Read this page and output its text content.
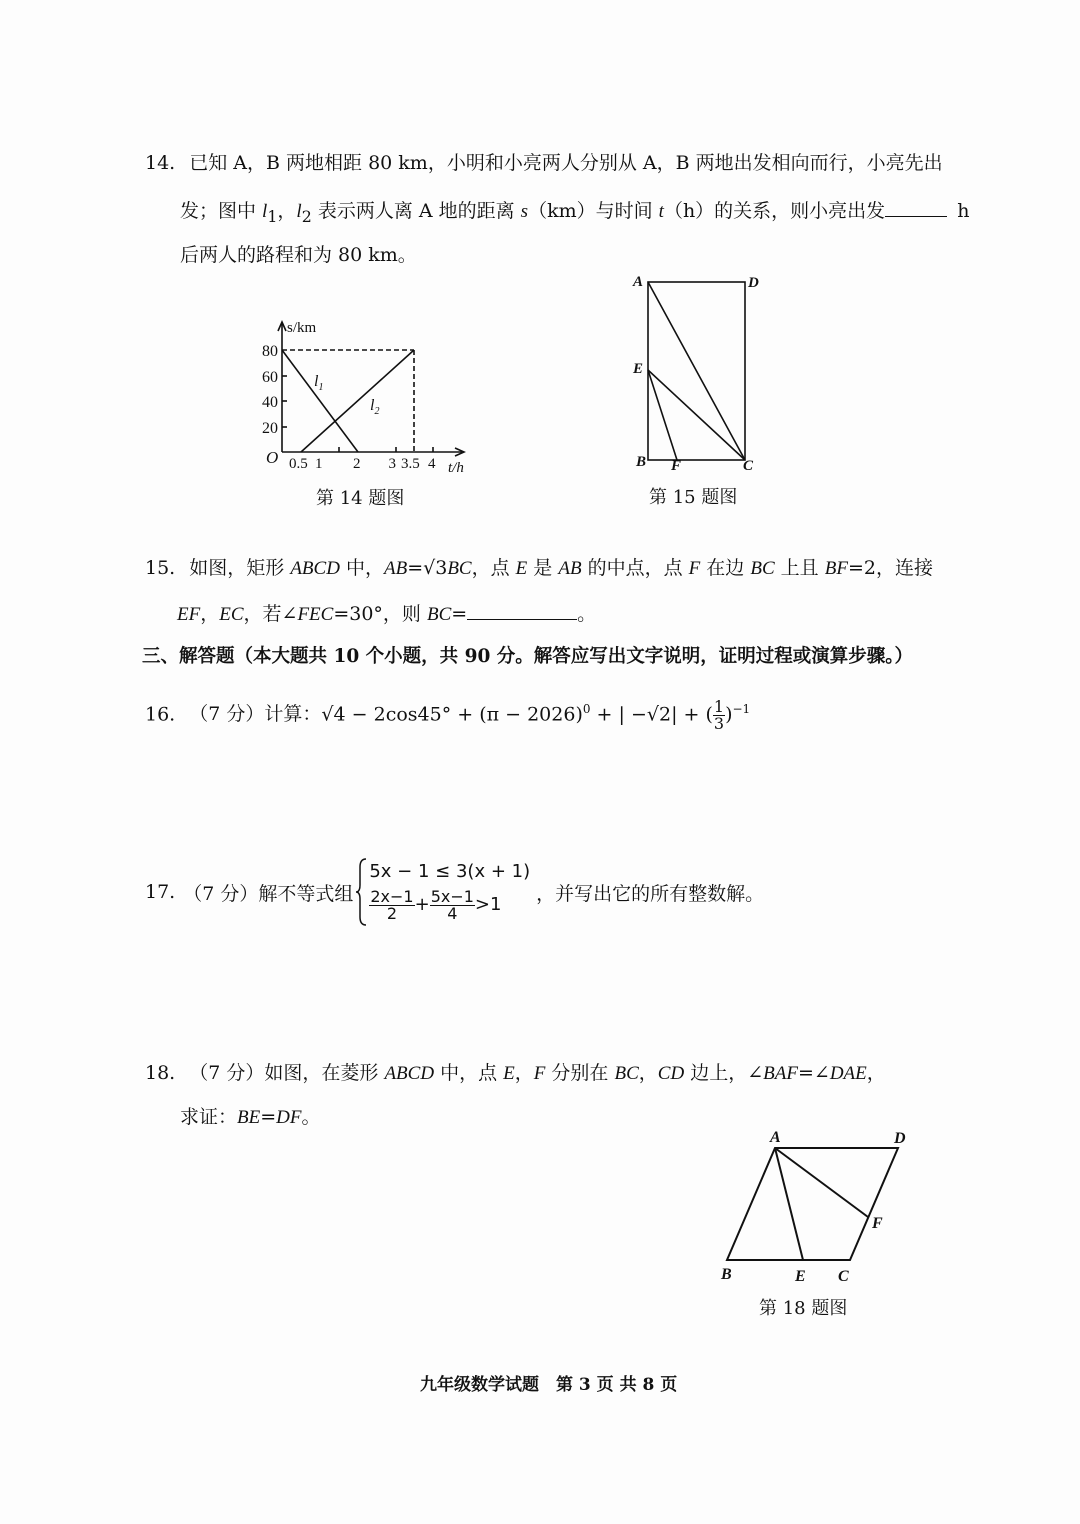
14. 已知 A，B 两地相距 80 km，小明和小亮两人分别从 A，B 两地出发相向而行，小亮先出
发；图中 $l_1$，$l_2$ 表示两人离 A 地的距离 s（km）与时间 t（h）的关系，则小亮出发	h
后两人的路程和为 80 km。
s/km
80
60
40
20
O 0.5 1 2 3 3.5 4 t/h
$l_1$
$l_2$
第 14 题图
A	D
E
B F	C
第 15 题图
15. 如图，矩形 ABCD 中，AB=√3BC，点 E 是 AB 的中点，点 F 在边 BC 上且 BF=2，连接
EF，EC，若∠FEC=30°，则 BC=	。
三、解答题（本大题共 10 个小题，共 90 分。解答应写出文字说明，证明过程或演算步骤。）
16. （7 分）计算：$√4 - 2\cos 45^\circ + (\pi - 2026)^0$ + | −√2| + ( $\frac{1}{3} )^{-1}$
17. （7 分）解不等式组
5x − 1 ≤ 3(x + 1)
$\frac{2x-1}{2} + \frac{5x-1}{4} >1$	，并写出它的所有整数解。
18. （7 分）如图，在菱形 ABCD 中，点 E，F 分别在 BC，CD 边上，∠BAF=∠DAE，
求证：BE=DF。
A	D
F
B	E C
第 18 题图
九年级数学试题　第 3 页 共 8 页
